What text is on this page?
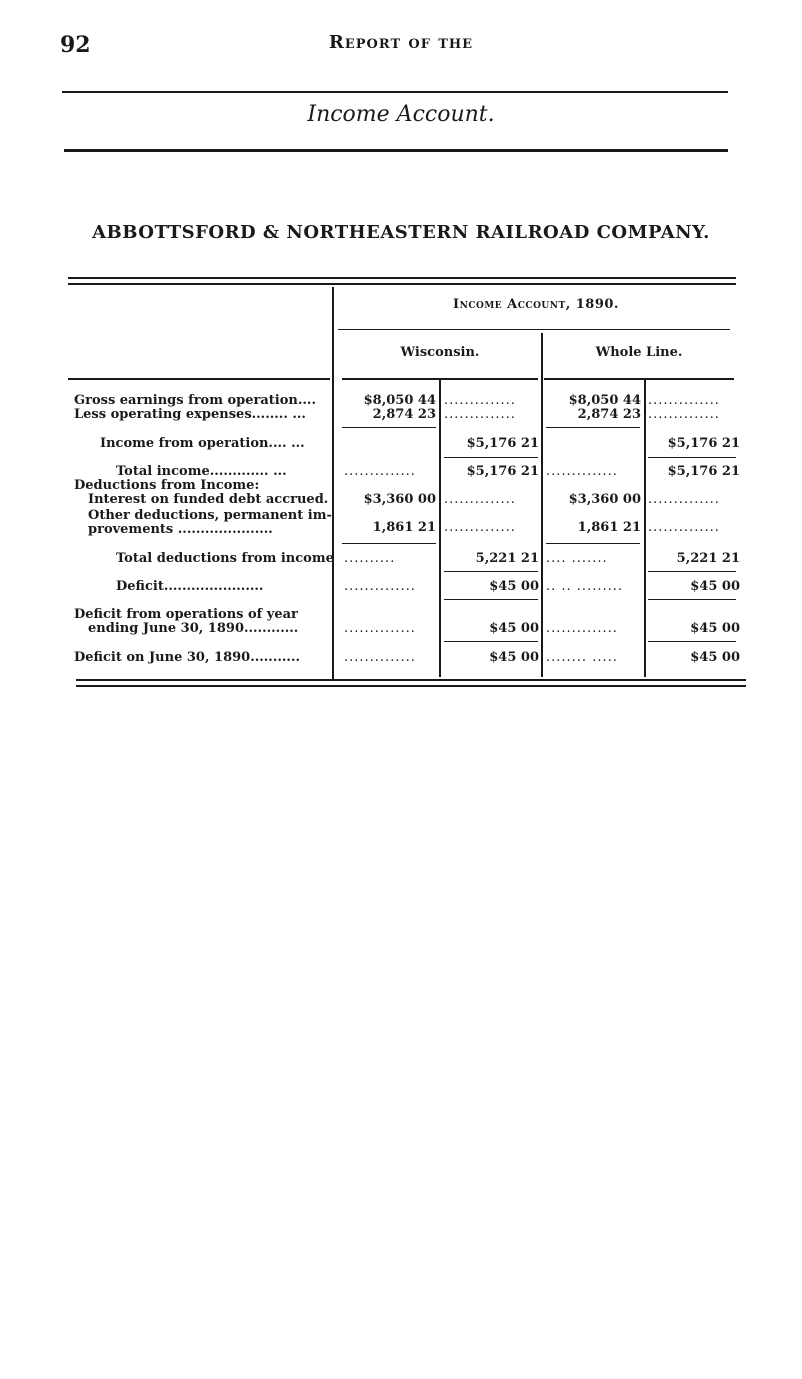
92	Report of the
Income Account.
ABBOTTSFORD & NORTHEASTERN RAILROAD COMPANY.
Income Account, 1890.
Wisconsin.	Whole Line.
Gross earnings from operation....	$8,050 44 ..............	$8,050 44 ..............
Less operating expenses........ ...	2,874 23 ..............	2,874 23 ..............
Income from operation.... ...	$5,176 21	$5,176 21
Total income............. ...	..............	$5,176 21 ..............	$5,176 21
Deductions from Income:
Interest on funded debt accrued.	$3,360 00 ..............	$3,360 00 ..............
Other deductions, permanent im-
provements .....................	1,861 21 ..............	1,861 21 ..............
Total deductions from income ..........	5,221 21 .... .......	5,221 21
Deficit......................	..............	$45 00 .. .. .........	$45 00
Deficit from operations of year
ending June 30, 1890............	..............	$45 00 ..............	$45 00
Deficit on June 30, 1890...........	..............	$45 00 ........ .....	$45 00
